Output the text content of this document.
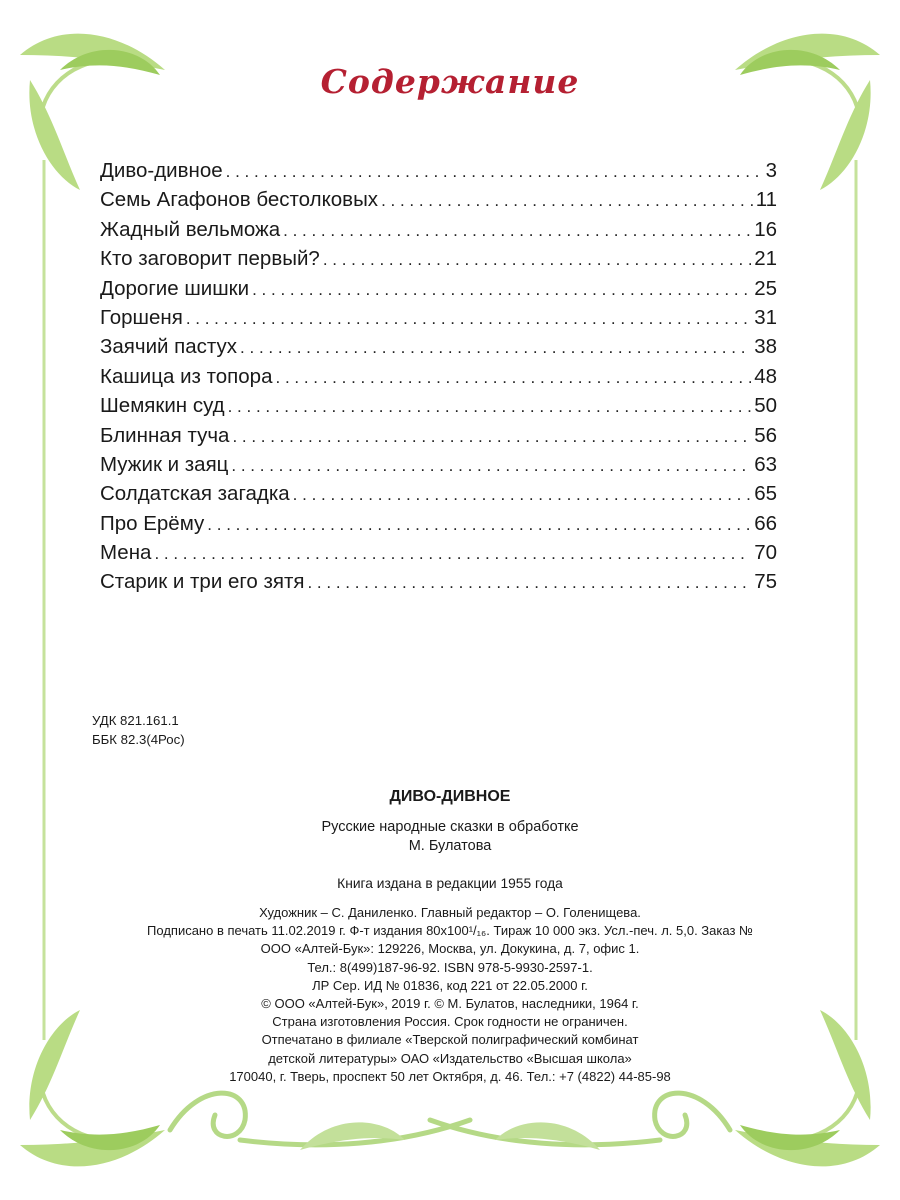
Содержание
Диво-дивное . . .	3
Семь Агафонов бестолковых . . .	11
Жадный вельможа . . .	16
Кто заговорит первый? . . .	21
Дорогие шишки . . .	25
Горшеня . . .	31
Заячий пастух . . .	38
Кашица из топора . . .	48
Шемякин суд . . .	50
Блинная туча . . .	56
Мужик и заяц . . .	63
Солдатская загадка . . .	65
Про Ерёму . . .	66
Мена . . .	70
Старик и три его зятя . . .	75
УДК 821.161.1
ББК 82.3(4Рос)
ДИВО-ДИВНОЕ
Русские народные сказки в обработке
М. Булатова
Книга издана в редакции 1955 года
Художник – С. Даниленко. Главный редактор – О. Голенищева.
Подписано в печать 11.02.2019 г. Ф-т издания 80x100¹/₁₆. Тираж 10 000 экз. Усл.-печ. л. 5,0. Заказ №
ООО «Алтей-Бук»: 129226, Москва, ул. Докукина, д. 7, офис 1.
Тел.: 8(499)187-96-92. ISBN 978-5-9930-2597-1.
ЛР Сер. ИД № 01836, код 221 от 22.05.2000 г.
© ООО «Алтей-Бук», 2019 г. © М. Булатов, наследники, 1964 г.
Страна изготовления Россия. Срок годности не ограничен.
Отпечатано в филиале «Тверской полиграфический комбинат
детской литературы» ОАО «Издательство «Высшая школа»
170040, г. Тверь, проспект 50 лет Октября, д. 46. Тел.: +7 (4822) 44-85-98
